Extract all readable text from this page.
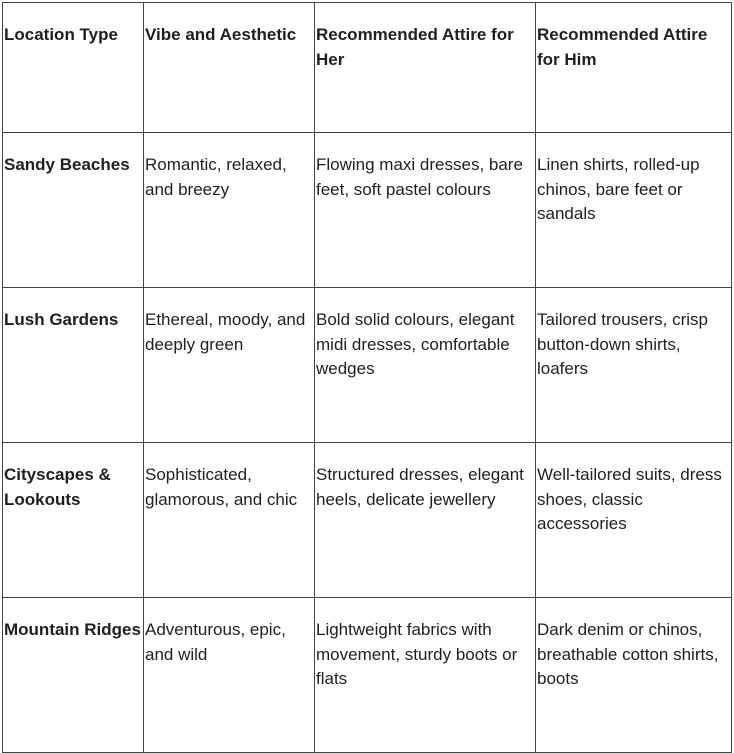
Location Type	Vibe and Aesthetic	Recommended Attire for Her	Recommended Attire for Him
Sandy Beaches	Romantic, relaxed, and breezy	Flowing maxi dresses, bare feet, soft pastel colours	Linen shirts, rolled-up chinos, bare feet or sandals
Lush Gardens	Ethereal, moody, and deeply green	Bold solid colours, elegant midi dresses, comfortable wedges	Tailored trousers, crisp button-down shirts, loafers
Cityscapes & Lookouts	Sophisticated, glamorous, and chic	Structured dresses, elegant heels, delicate jewellery	Well-tailored suits, dress shoes, classic accessories
Mountain Ridges	Adventurous, epic, and wild	Lightweight fabrics with movement, sturdy boots or flats	Dark denim or chinos, breathable cotton shirts, boots
